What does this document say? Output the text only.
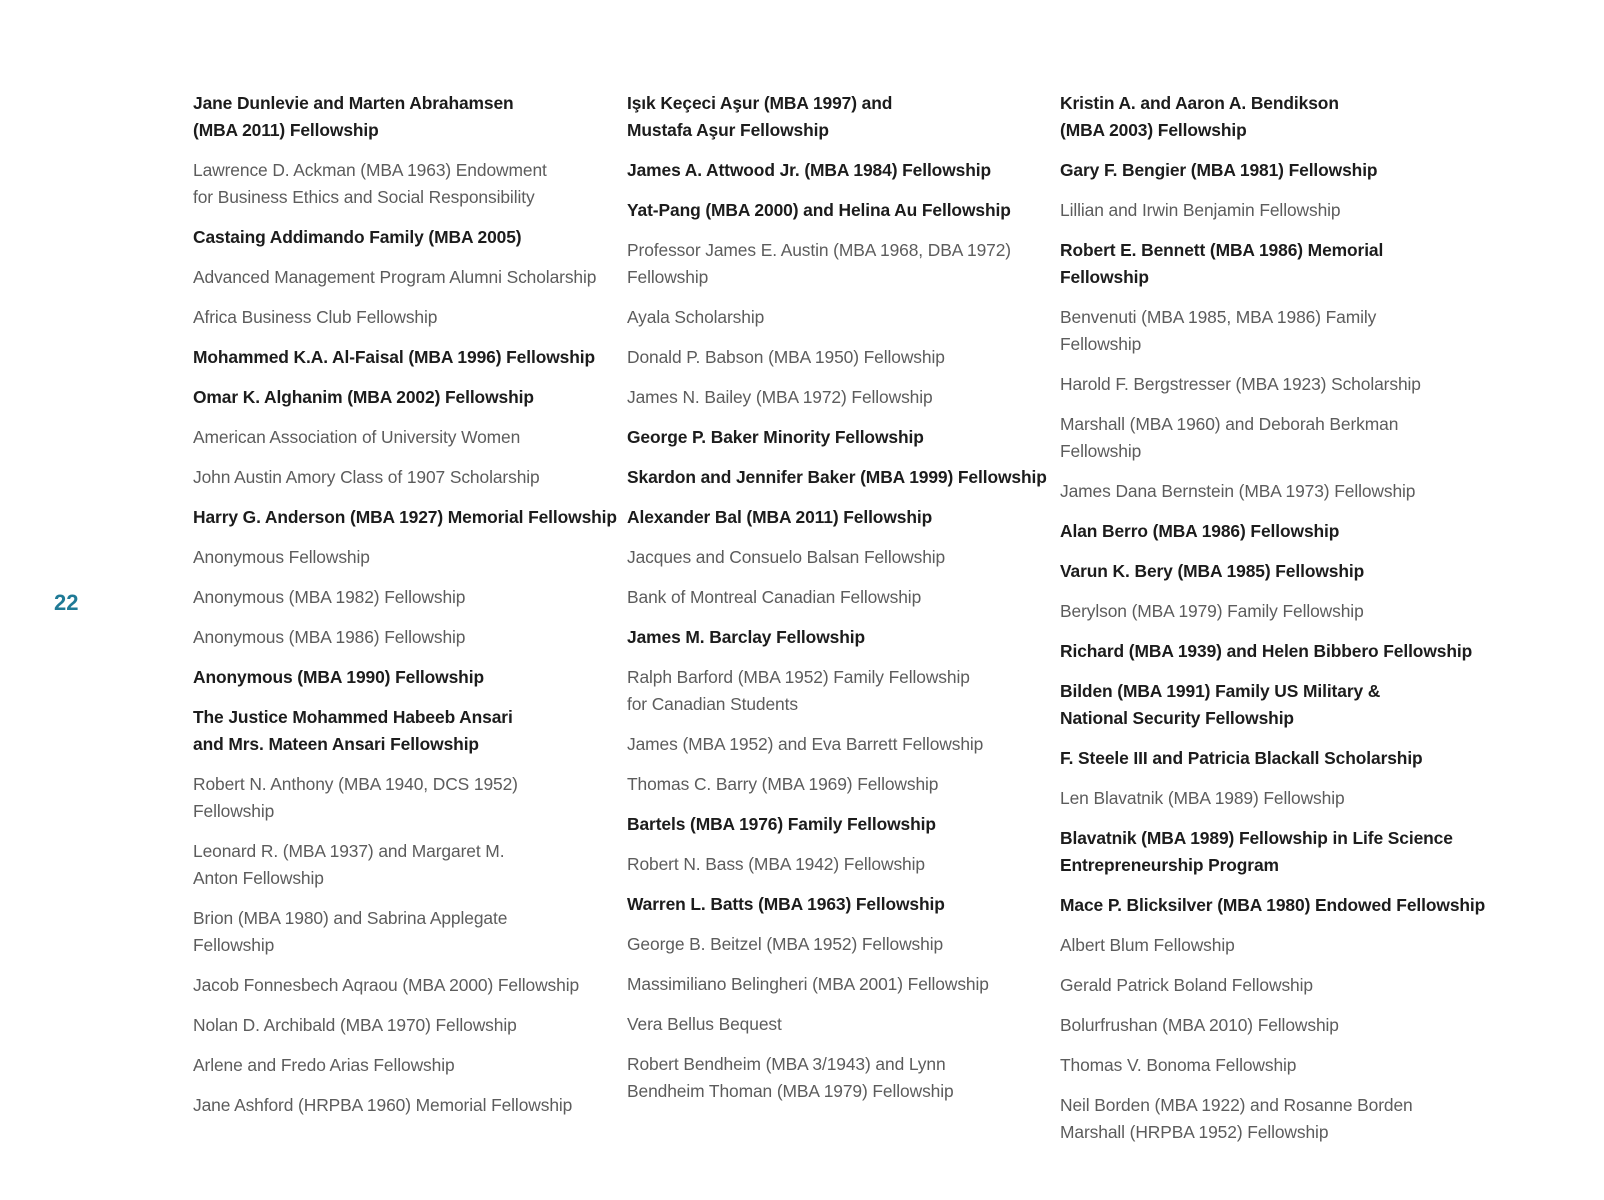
22
Jane Dunlevie and Marten Abrahamsen
(MBA 2011) Fellowship
Lawrence D. Ackman (MBA 1963) Endowment
for Business Ethics and Social Responsibility
Castaing Addimando Family (MBA 2005)
Advanced Management Program Alumni Scholarship
Africa Business Club Fellowship
Mohammed K.A. Al-Faisal (MBA 1996) Fellowship
Omar K. Alghanim (MBA 2002) Fellowship
American Association of University Women
John Austin Amory Class of 1907 Scholarship
Harry G. Anderson (MBA 1927) Memorial Fellowship
Anonymous Fellowship
Anonymous (MBA 1982) Fellowship
Anonymous (MBA 1986) Fellowship
Anonymous (MBA 1990) Fellowship
The Justice Mohammed Habeeb Ansari
and Mrs. Mateen Ansari Fellowship
Robert N. Anthony (MBA 1940, DCS 1952)
Fellowship
Leonard R. (MBA 1937) and Margaret M.
Anton Fellowship
Brion (MBA 1980) and Sabrina Applegate
Fellowship
Jacob Fonnesbech Aqraou (MBA 2000) Fellowship
Nolan D. Archibald (MBA 1970) Fellowship
Arlene and Fredo Arias Fellowship
Jane Ashford (HRPBA 1960) Memorial Fellowship
Işık Keçeci Aşur (MBA 1997) and
Mustafa Aşur Fellowship
James A. Attwood Jr. (MBA 1984) Fellowship
Yat-Pang (MBA 2000) and Helina Au Fellowship
Professor James E. Austin (MBA 1968, DBA 1972)
Fellowship
Ayala Scholarship
Donald P. Babson (MBA 1950) Fellowship
James N. Bailey (MBA 1972) Fellowship
George P. Baker Minority Fellowship
Skardon and Jennifer Baker (MBA 1999) Fellowship
Alexander Bal (MBA 2011) Fellowship
Jacques and Consuelo Balsan Fellowship
Bank of Montreal Canadian Fellowship
James M. Barclay Fellowship
Ralph Barford (MBA 1952) Family Fellowship
for Canadian Students
James (MBA 1952) and Eva Barrett Fellowship
Thomas C. Barry (MBA 1969) Fellowship
Bartels (MBA 1976) Family Fellowship
Robert N. Bass (MBA 1942) Fellowship
Warren L. Batts (MBA 1963) Fellowship
George B. Beitzel (MBA 1952) Fellowship
Massimiliano Belingheri (MBA 2001) Fellowship
Vera Bellus Bequest
Robert Bendheim (MBA 3/1943) and Lynn
Bendheim Thoman (MBA 1979) Fellowship
Kristin A. and Aaron A. Bendikson
(MBA 2003) Fellowship
Gary F. Bengier (MBA 1981) Fellowship
Lillian and Irwin Benjamin Fellowship
Robert E. Bennett (MBA 1986) Memorial
Fellowship
Benvenuti (MBA 1985, MBA 1986) Family
Fellowship
Harold F. Bergstresser (MBA 1923) Scholarship
Marshall (MBA 1960) and Deborah Berkman
Fellowship
James Dana Bernstein (MBA 1973) Fellowship
Alan Berro (MBA 1986) Fellowship
Varun K. Bery (MBA 1985) Fellowship
Berylson (MBA 1979) Family Fellowship
Richard (MBA 1939) and Helen Bibbero Fellowship
Bilden (MBA 1991) Family US Military &
National Security Fellowship
F. Steele III and Patricia Blackall Scholarship
Len Blavatnik (MBA 1989) Fellowship
Blavatnik (MBA 1989) Fellowship in Life Science
Entrepreneurship Program
Mace P. Blicksilver (MBA 1980) Endowed Fellowship
Albert Blum Fellowship
Gerald Patrick Boland Fellowship
Bolurfrushan (MBA 2010) Fellowship
Thomas V. Bonoma Fellowship
Neil Borden (MBA 1922) and Rosanne Borden
Marshall (HRPBA 1952) Fellowship
